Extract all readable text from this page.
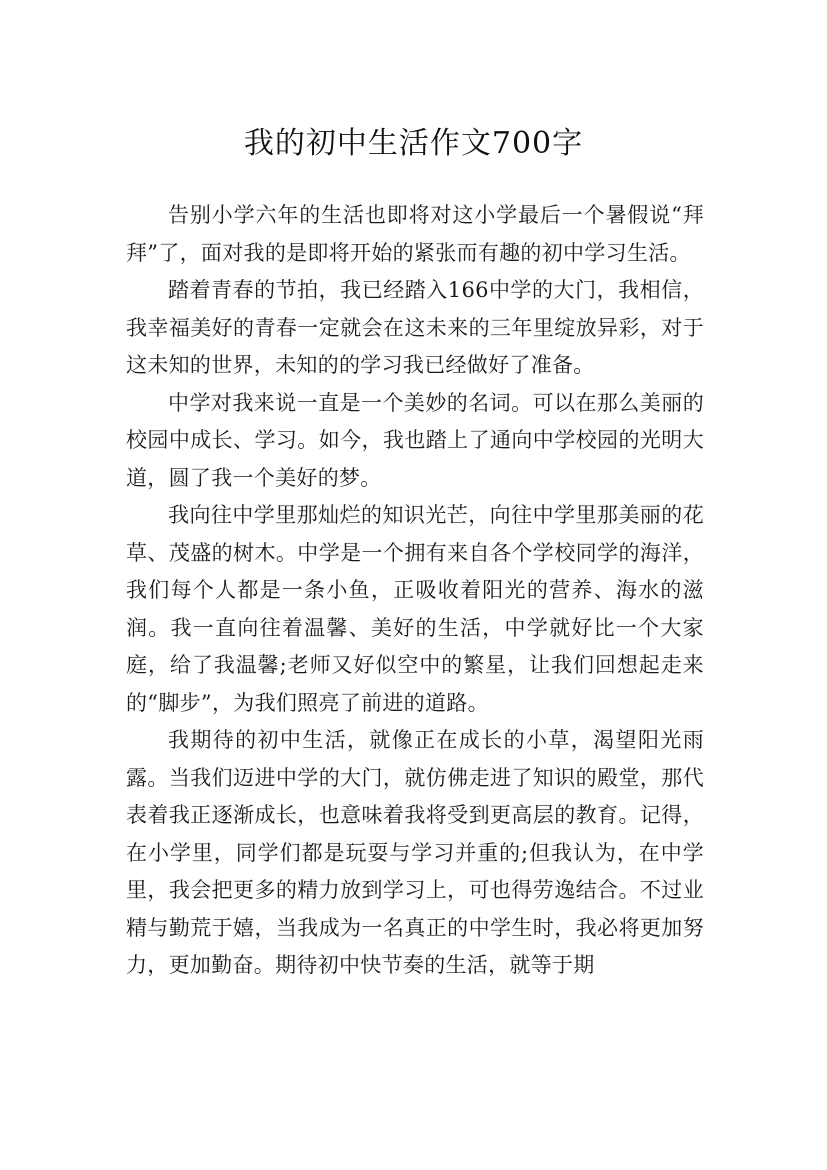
我的初中生活作文700字

告别小学六年的生活也即将对这小学最后一个暑假说“拜拜”了，面对我的是即将开始的紧张而有趣的初中学习生活。

踏着青春的节拍，我已经踏入166中学的大门，我相信，我幸福美好的青春一定就会在这未来的三年里绽放异彩，对于这未知的世界，未知的的学习我已经做好了准备。

中学对我来说一直是一个美妙的名词。可以在那么美丽的校园中成长、学习。如今，我也踏上了通向中学校园的光明大道，圆了我一个美好的梦。

我向往中学里那灿烂的知识光芒，向往中学里那美丽的花草、茂盛的树木。中学是一个拥有来自各个学校同学的海洋，我们每个人都是一条小鱼，正吸收着阳光的营养、海水的滋润。我一直向往着温馨、美好的生活，中学就好比一个大家庭，给了我温馨;老师又好似空中的繁星，让我们回想起走来的“脚步”，为我们照亮了前进的道路。

我期待的初中生活，就像正在成长的小草，渴望阳光雨露。当我们迈进中学的大门，就仿佛走进了知识的殿堂，那代表着我正逐渐成长，也意味着我将受到更高层的教育。记得，在小学里，同学们都是玩耍与学习并重的;但我认为，在中学里，我会把更多的精力放到学习上，可也得劳逸结合。不过业精与勤荒于嬉，当我成为一名真正的中学生时，我必将更加努力，更加勤奋。期待初中快节奏的生活，就等于期
